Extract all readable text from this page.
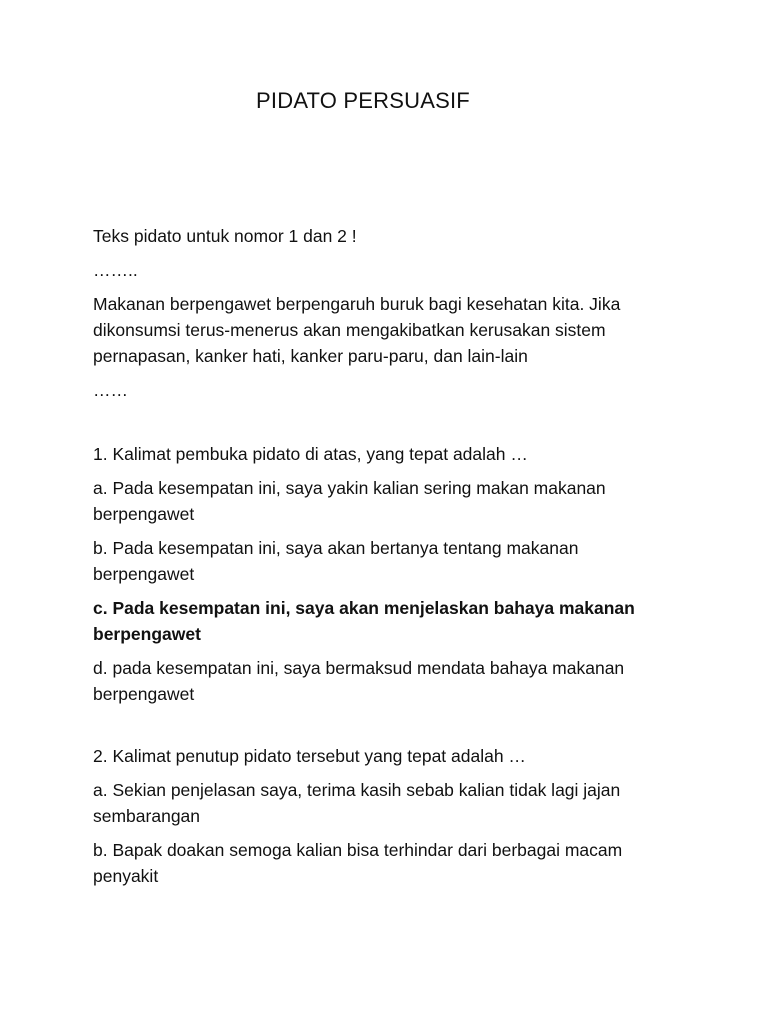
PIDATO PERSUASIF

Teks pidato untuk nomor 1 dan 2 !

……..

Makanan berpengawet berpengaruh buruk bagi kesehatan kita. Jika dikonsumsi terus-menerus akan mengakibatkan kerusakan sistem pernapasan, kanker hati, kanker paru-paru, dan lain-lain

……

1. Kalimat pembuka pidato di atas, yang tepat adalah …

a. Pada kesempatan ini, saya yakin kalian sering makan makanan berpengawet

b. Pada kesempatan ini, saya akan bertanya tentang makanan berpengawet

c. Pada kesempatan ini, saya akan menjelaskan bahaya makanan berpengawet

d. pada kesempatan ini, saya bermaksud mendata bahaya makanan berpengawet

2. Kalimat penutup pidato tersebut yang tepat adalah …

a. Sekian penjelasan saya, terima kasih sebab kalian tidak lagi jajan sembarangan

b. Bapak doakan semoga kalian bisa terhindar dari berbagai macam penyakit
